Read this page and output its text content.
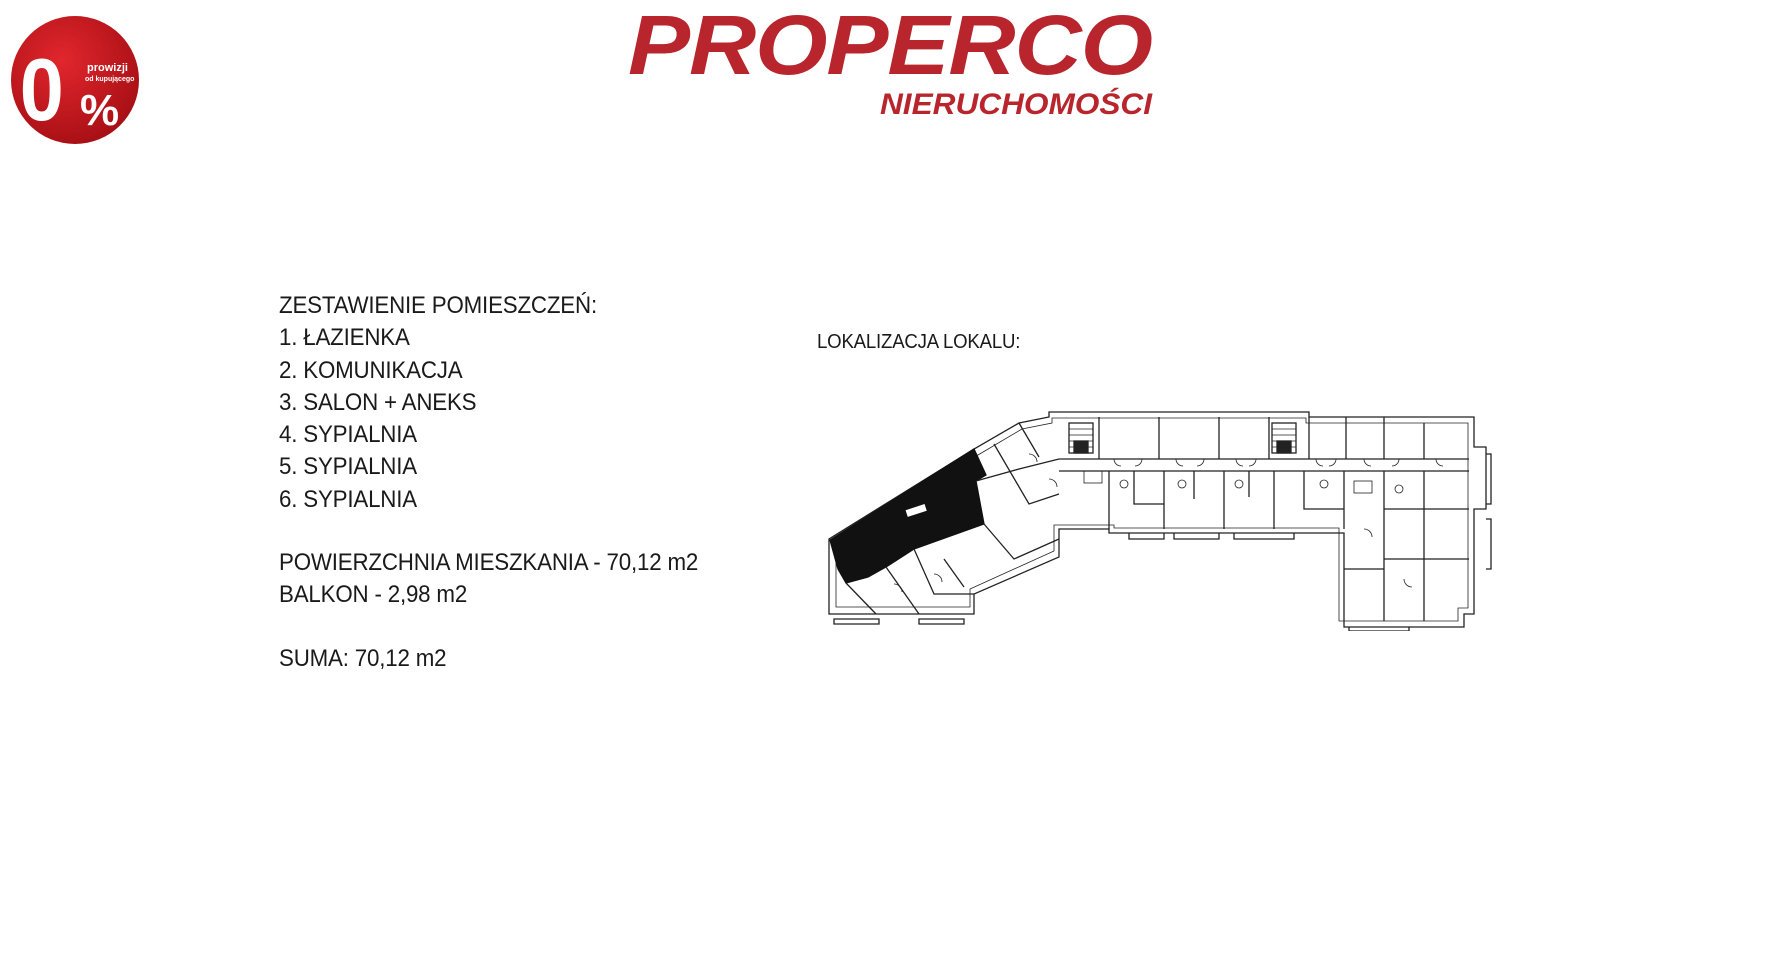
0 %
prowizji
od kupującego	PROPERCO
NIERUCHOMOŚCI
ZESTAWIENIE POMIESZCZEŃ:
1. ŁAZIENKA
2. KOMUNIKACJA
3. SALON + ANEKS
4. SYPIALNIA
5. SYPIALNIA
6. SYPIALNIA
POWIERZCHNIA MIESZKANIA - 70,12 m2
BALKON - 2,98 m2
SUMA: 70,12 m2
LOKALIZACJA LOKALU:
